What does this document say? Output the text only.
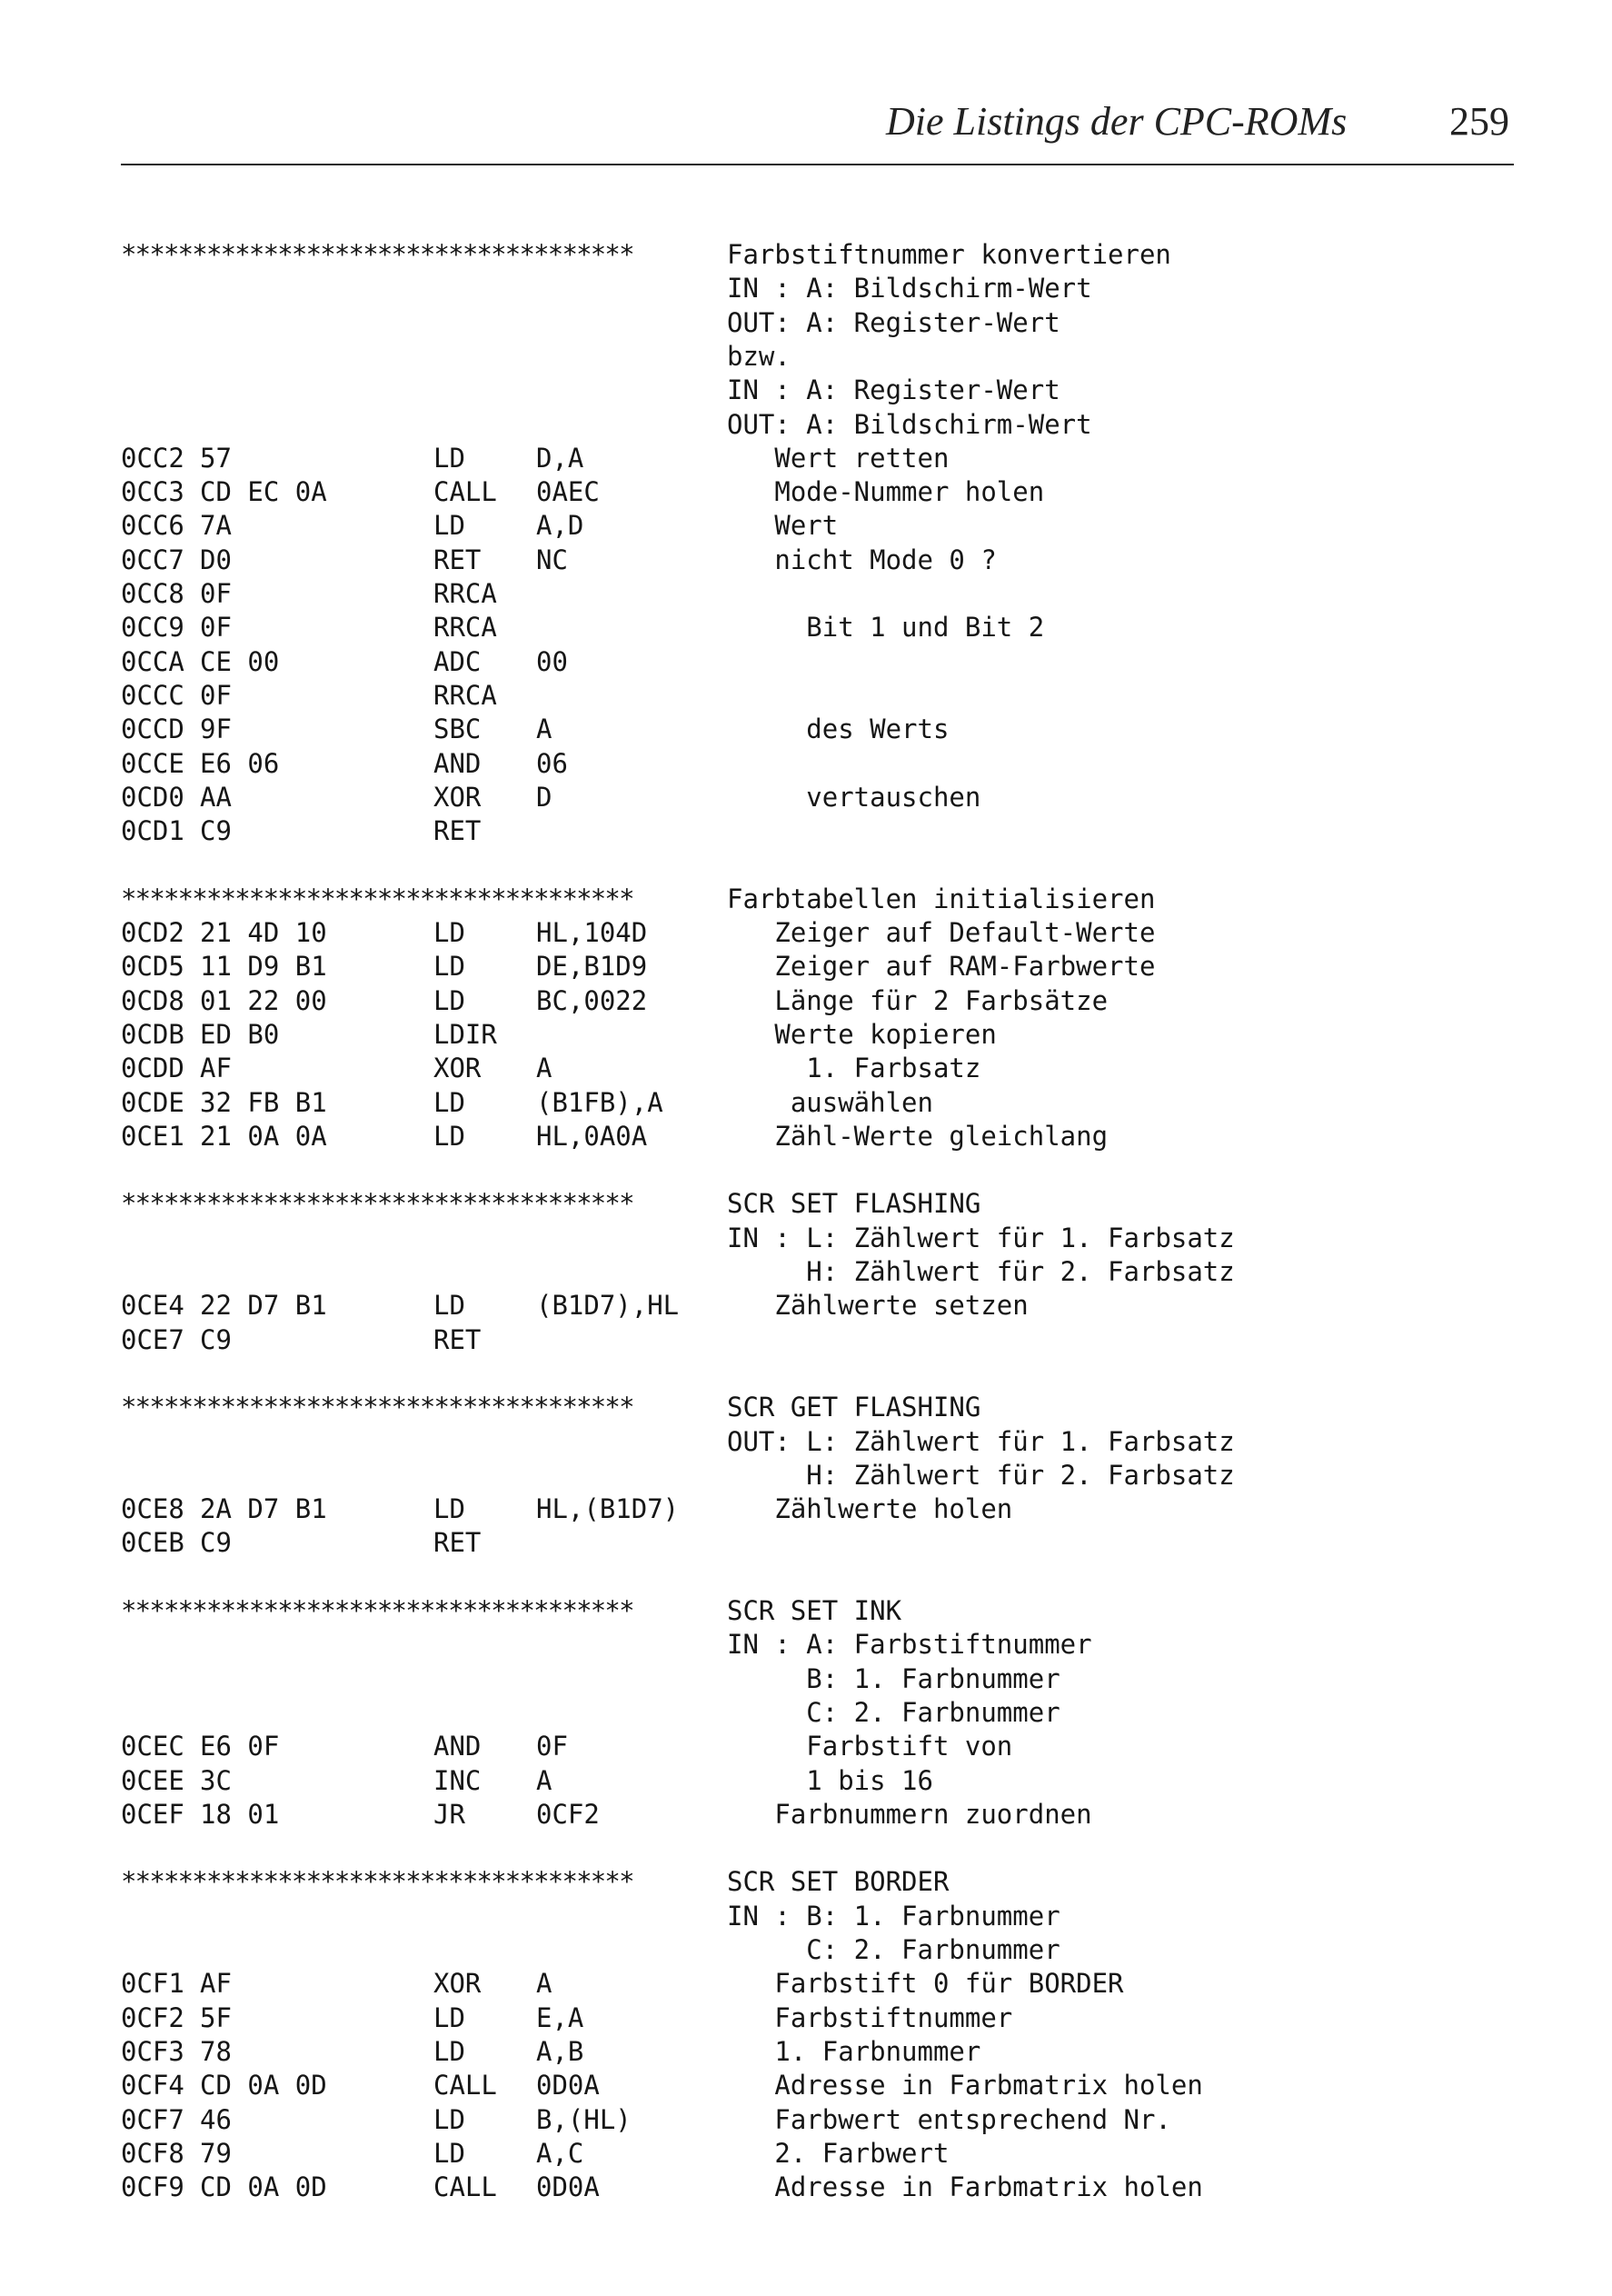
Die Listings der CPC-ROMs	259
************************************	Farbstiftnummer konvertieren
IN : A: Bildschirm-Wert
OUT: A: Register-Wert
bzw.
IN : A: Register-Wert
OUT: A: Bildschirm-Wert
0CC2 57	LD	D,A	Wert retten
0CC3 CD EC 0A	CALL 0AEC	Mode-Nummer holen
0CC6 7A	LD	A,D	Wert
0CC7 D0	RET NC	nicht Mode 0 ?
0CC8 0F	RRCA
0CC9 0F	RRCA	Bit 1 und Bit 2
0CCA CE 00	ADC 00
0CCC 0F	RRCA
0CCD 9F	SBC A	des Werts
0CCE E6 06	AND 06
0CD0 AA	XOR D	vertauschen
0CD1 C9	RET
************************************	Farbtabellen initialisieren
0CD2 21 4D 10	LD	HL,104D	Zeiger auf Default-Werte
0CD5 11 D9 B1	LD	DE,B1D9	Zeiger auf RAM-Farbwerte
0CD8 01 22 00	LD	BC,0022	Länge für 2 Farbsätze
0CDB ED B0	LDIR	Werte kopieren
0CDD AF	XOR A	1. Farbsatz
0CDE 32 FB B1	LD	(B1FB),A auswählen
0CE1 21 0A 0A	LD	HL,0A0A	Zähl-Werte gleichlang
************************************	SCR SET FLASHING
IN : L: Zählwert für 1. Farbsatz
H: Zählwert für 2. Farbsatz
0CE4 22 D7 B1	LD	(B1D7),HL Zählwerte setzen
0CE7 C9	RET
************************************	SCR GET FLASHING
OUT: L: Zählwert für 1. Farbsatz
H: Zählwert für 2. Farbsatz
0CE8 2A D7 B1	LD	HL,(B1D7) Zählwerte holen
0CEB C9	RET
************************************	SCR SET INK
IN : A: Farbstiftnummer
B: 1. Farbnummer
C: 2. Farbnummer
0CEC E6 0F	AND 0F	Farbstift von
0CEE 3C	INC A	1 bis 16
0CEF 18 01	JR	0CF2	Farbnummern zuordnen
************************************	SCR SET BORDER
IN : B: 1. Farbnummer
C: 2. Farbnummer
0CF1 AF	XOR A	Farbstift 0 für BORDER
0CF2 5F	LD	E,A	Farbstiftnummer
0CF3 78	LD	A,B	1. Farbnummer
0CF4 CD 0A 0D	CALL 0D0A	Adresse in Farbmatrix holen
0CF7 46	LD	B,(HL)	Farbwert entsprechend Nr.
0CF8 79	LD	A,C	2. Farbwert
0CF9 CD 0A 0D	CALL 0D0A	Adresse in Farbmatrix holen
